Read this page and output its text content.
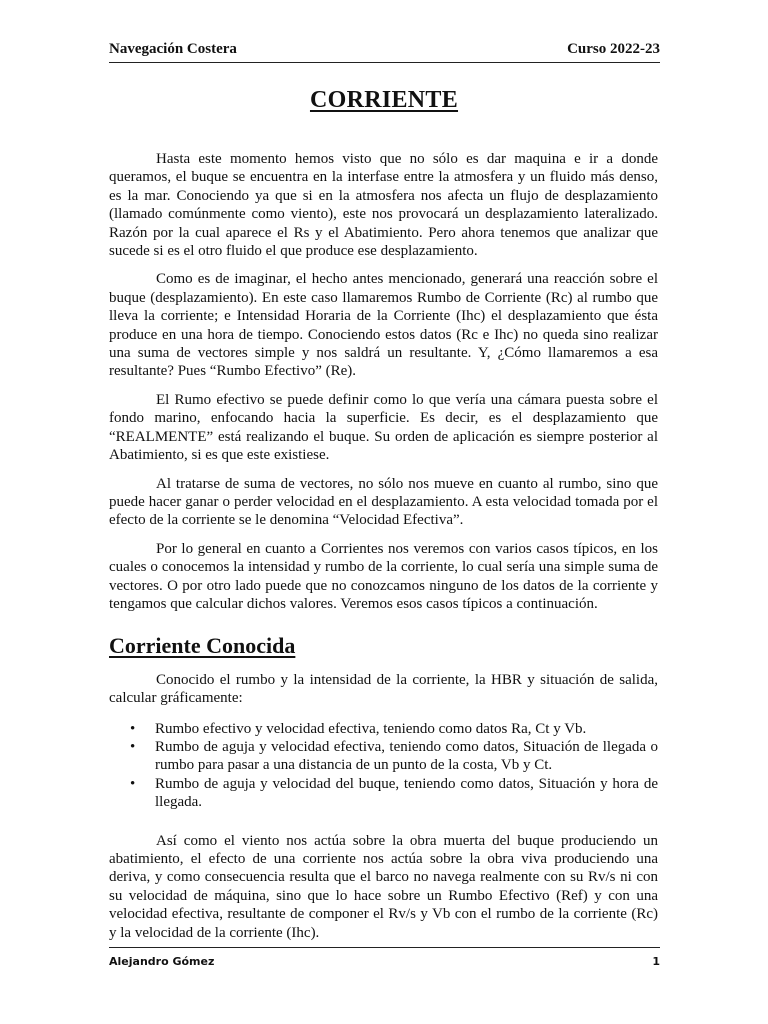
Navegación Costera	Curso 2022-23
CORRIENTE

Hasta este momento hemos visto que no sólo es dar maquina e ir a donde queramos, el buque se encuentra en la interfase entre la atmosfera y un fluido más denso, es la mar. Conociendo ya que si en la atmosfera nos afecta un flujo de desplazamiento (llamado comúnmente como viento), este nos provocará un desplazamiento lateralizado. Razón por la cual aparece el Rs y el Abatimiento. Pero ahora tenemos que analizar que sucede si es el otro fluido el que produce ese desplazamiento.

Como es de imaginar, el hecho antes mencionado, generará una reacción sobre el buque (desplazamiento). En este caso llamaremos Rumbo de Corriente (Rc) al rumbo que lleva la corriente; e Intensidad Horaria de la Corriente (Ihc) el desplazamiento que ésta produce en una hora de tiempo. Conociendo estos datos (Rc e Ihc) no queda sino realizar una suma de vectores simple y nos saldrá un resultante. Y, ¿Cómo llamaremos a esa resultante? Pues “Rumbo Efectivo” (Re).

El Rumo efectivo se puede definir como lo que vería una cámara puesta sobre el fondo marino, enfocando hacia la superficie. Es decir, es el desplazamiento que “REALMENTE” está realizando el buque. Su orden de aplicación es siempre posterior al Abatimiento, si es que este existiese.

Al tratarse de suma de vectores, no sólo nos mueve en cuanto al rumbo, sino que puede hacer ganar o perder velocidad en el desplazamiento. A esta velocidad tomada por el efecto de la corriente se le denomina “Velocidad Efectiva”.

Por lo general en cuanto a Corrientes nos veremos con varios casos típicos, en los cuales o conocemos la intensidad y rumbo de la corriente, lo cual sería una simple suma de vectores. O por otro lado puede que no conozcamos ninguno de los datos de la corriente y tengamos que calcular dichos valores. Veremos esos casos típicos a continuación.

Corriente Conocida

Conocido el rumbo y la intensidad de la corriente, la HBR y situación de salida, calcular gráficamente:

• Rumbo efectivo y velocidad efectiva, teniendo como datos Ra, Ct y Vb.
• Rumbo de aguja y velocidad efectiva, teniendo como datos, Situación de llegada o rumbo para pasar a una distancia de un punto de la costa, Vb y Ct.
• Rumbo de aguja y velocidad del buque, teniendo como datos, Situación y hora de llegada.

Así como el viento nos actúa sobre la obra muerta del buque produciendo un abatimiento, el efecto de una corriente nos actúa sobre la obra viva produciendo una deriva, y como consecuencia resulta que el barco no navega realmente con su Rv/s ni con su velocidad de máquina, sino que lo hace sobre un Rumbo Efectivo (Ref) y con una velocidad efectiva, resultante de componer el Rv/s y Vb con el rumbo de la corriente (Rc) y la velocidad de la corriente (Ihc).

Alejandro Gómez	1
